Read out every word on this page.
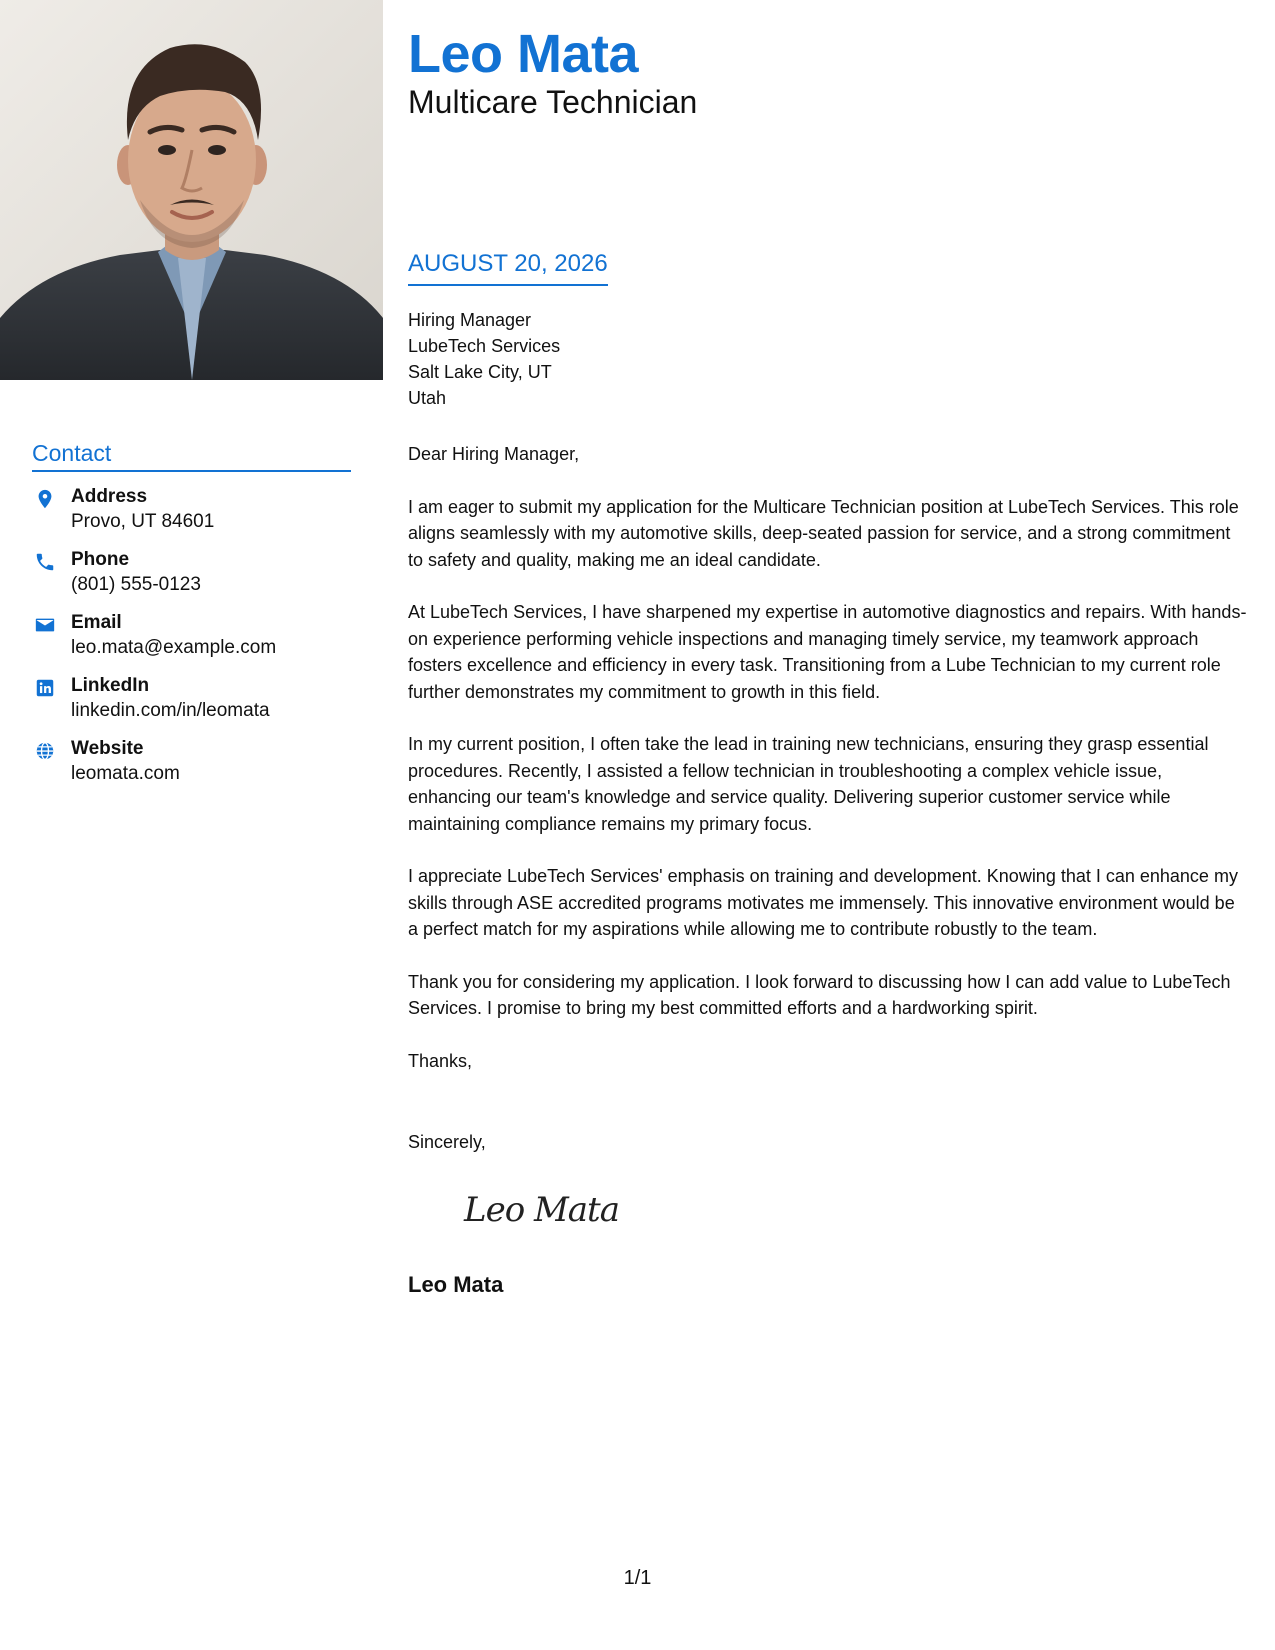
Contact
Address
Provo, UT 84601
Phone
(801) 555-0123
Email
leo.mata@example.com
LinkedIn
linkedin.com/in/leomata
Website
leomata.com
Leo Mata
Multicare Technician
AUGUST 20, 2026
Hiring Manager
LubeTech Services
Salt Lake City, UT
Utah

Dear Hiring Manager,

I am eager to submit my application for the Multicare Technician position at LubeTech Services. This role aligns seamlessly with my automotive skills, deep-seated passion for service, and a strong commitment to safety and quality, making me an ideal candidate.

At LubeTech Services, I have sharpened my expertise in automotive diagnostics and repairs. With hands-on experience performing vehicle inspections and managing timely service, my teamwork approach fosters excellence and efficiency in every task. Transitioning from a Lube Technician to my current role further demonstrates my commitment to growth in this field.

In my current position, I often take the lead in training new technicians, ensuring they grasp essential procedures. Recently, I assisted a fellow technician in troubleshooting a complex vehicle issue, enhancing our team's knowledge and service quality. Delivering superior customer service while maintaining compliance remains my primary focus.

I appreciate LubeTech Services' emphasis on training and development. Knowing that I can enhance my skills through ASE accredited programs motivates me immensely. This innovative environment would be a perfect match for my aspirations while allowing me to contribute robustly to the team.

Thank you for considering my application. I look forward to discussing how I can add value to LubeTech Services. I promise to bring my best committed efforts and a hardworking spirit.

Thanks,

Sincerely,
Leo Mata
Leo Mata
1/1
